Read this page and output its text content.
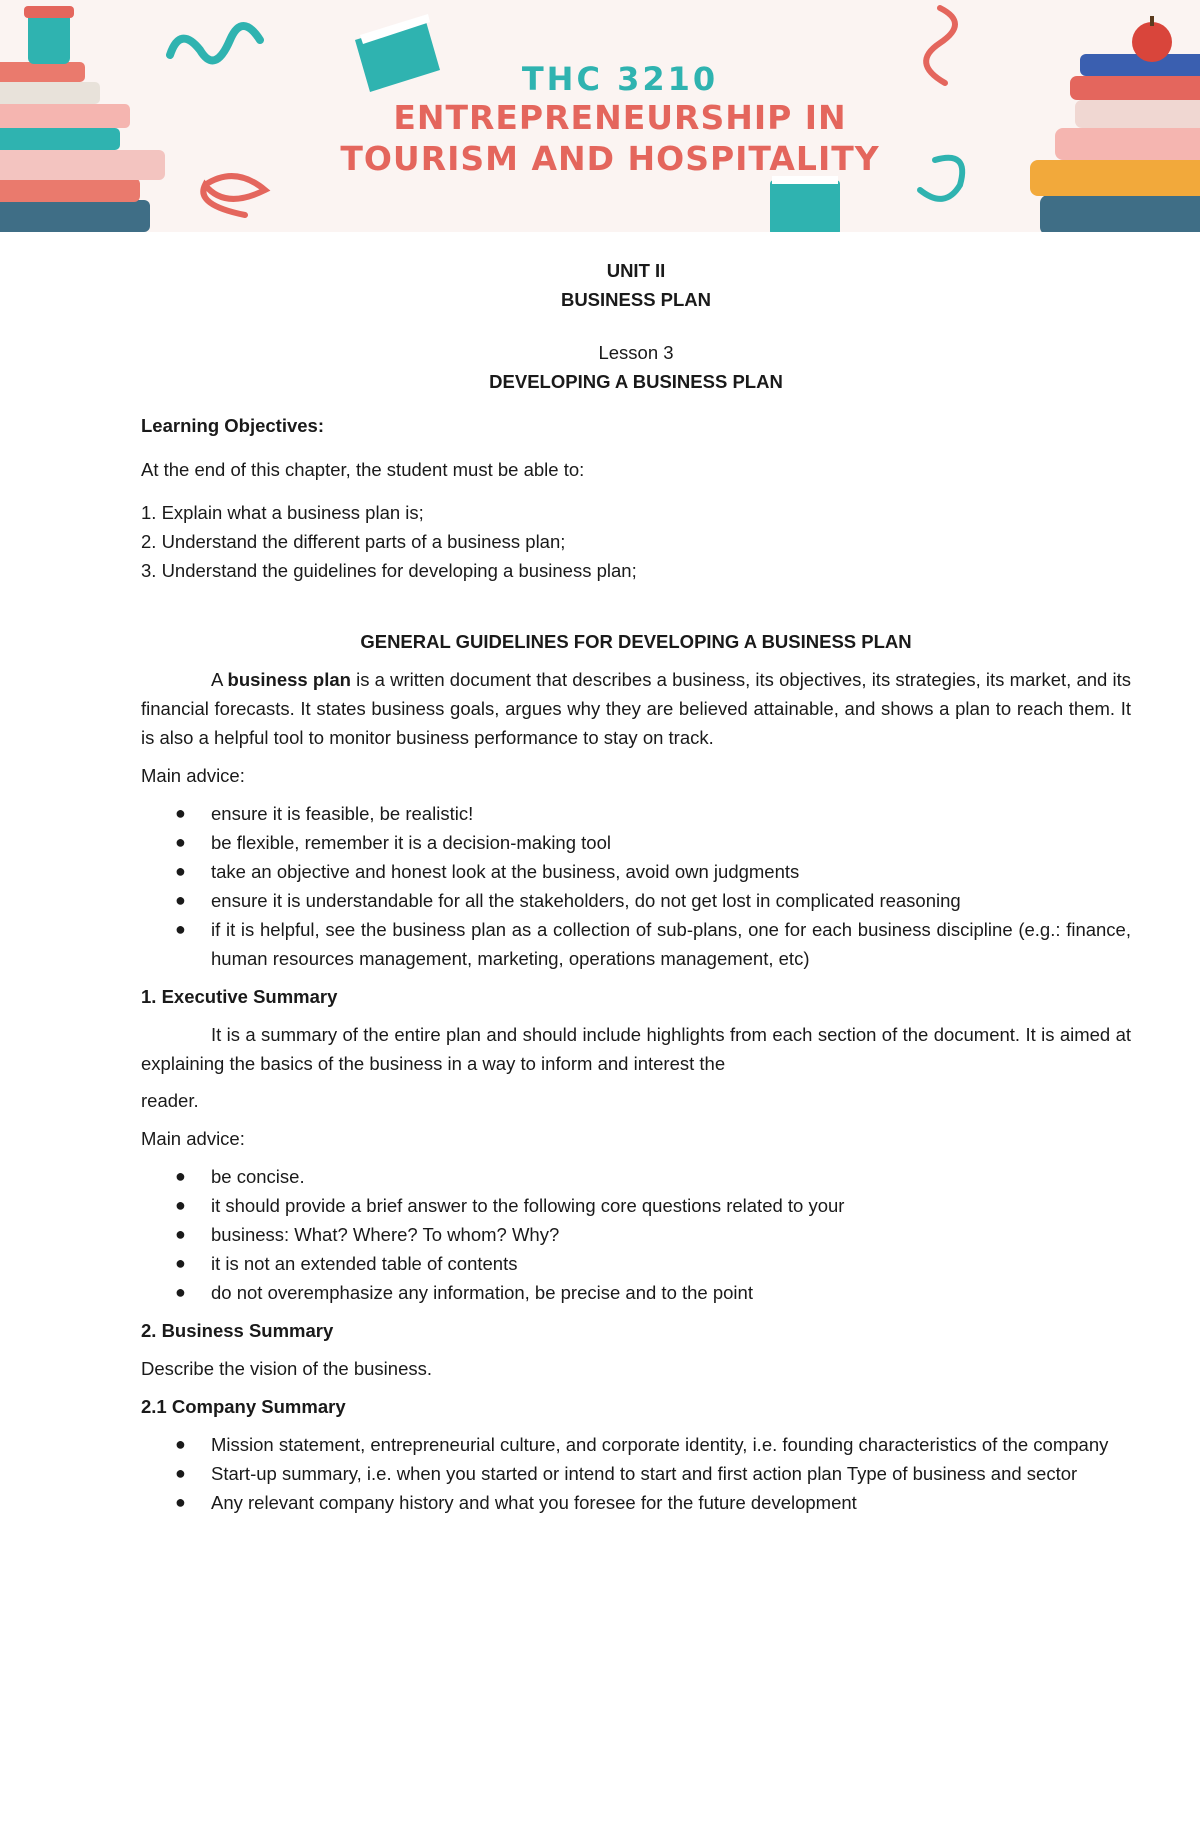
THC 3210
ENTREPRENEURSHIP IN
TOURISM AND HOSPITALITY
UNIT II
BUSINESS PLAN
Lesson 3
DEVELOPING A BUSINESS PLAN
Learning Objectives:
At the end of this chapter, the student must be able to:
1. Explain what a business plan is;
2. Understand the different parts of a business plan;
3. Understand the guidelines for developing a business plan;
GENERAL GUIDELINES FOR DEVELOPING A BUSINESS PLAN

A business plan is a written document that describes a business, its objectives, its strategies, its market, and its financial forecasts. It states business goals, argues why they are believed attainable, and shows a plan to reach them. It is also a helpful tool to monitor business performance to stay on track.

Main advice:
● ensure it is feasible, be realistic!
● be flexible, remember it is a decision-making tool
● take an objective and honest look at the business, avoid own judgments
● ensure it is understandable for all the stakeholders, do not get lost in complicated reasoning
● if it is helpful, see the business plan as a collection of sub-plans, one for each business discipline (e.g.: finance, human resources management, marketing, operations management, etc)
1. Executive Summary

It is a summary of the entire plan and should include highlights from each section of the document. It is aimed at explaining the basics of the business in a way to inform and interest the

reader.
Main advice:
● be concise.
● it should provide a brief answer to the following core questions related to your
● business: What? Where? To whom? Why?
● it is not an extended table of contents
● do not overemphasize any information, be precise and to the point
2. Business Summary
Describe the vision of the business.
2.1 Company Summary
● Mission statement, entrepreneurial culture, and corporate identity, i.e. founding characteristics of the company
● Start-up summary, i.e. when you started or intend to start and first action plan Type of business and sector
● Any relevant company history and what you foresee for the future development
